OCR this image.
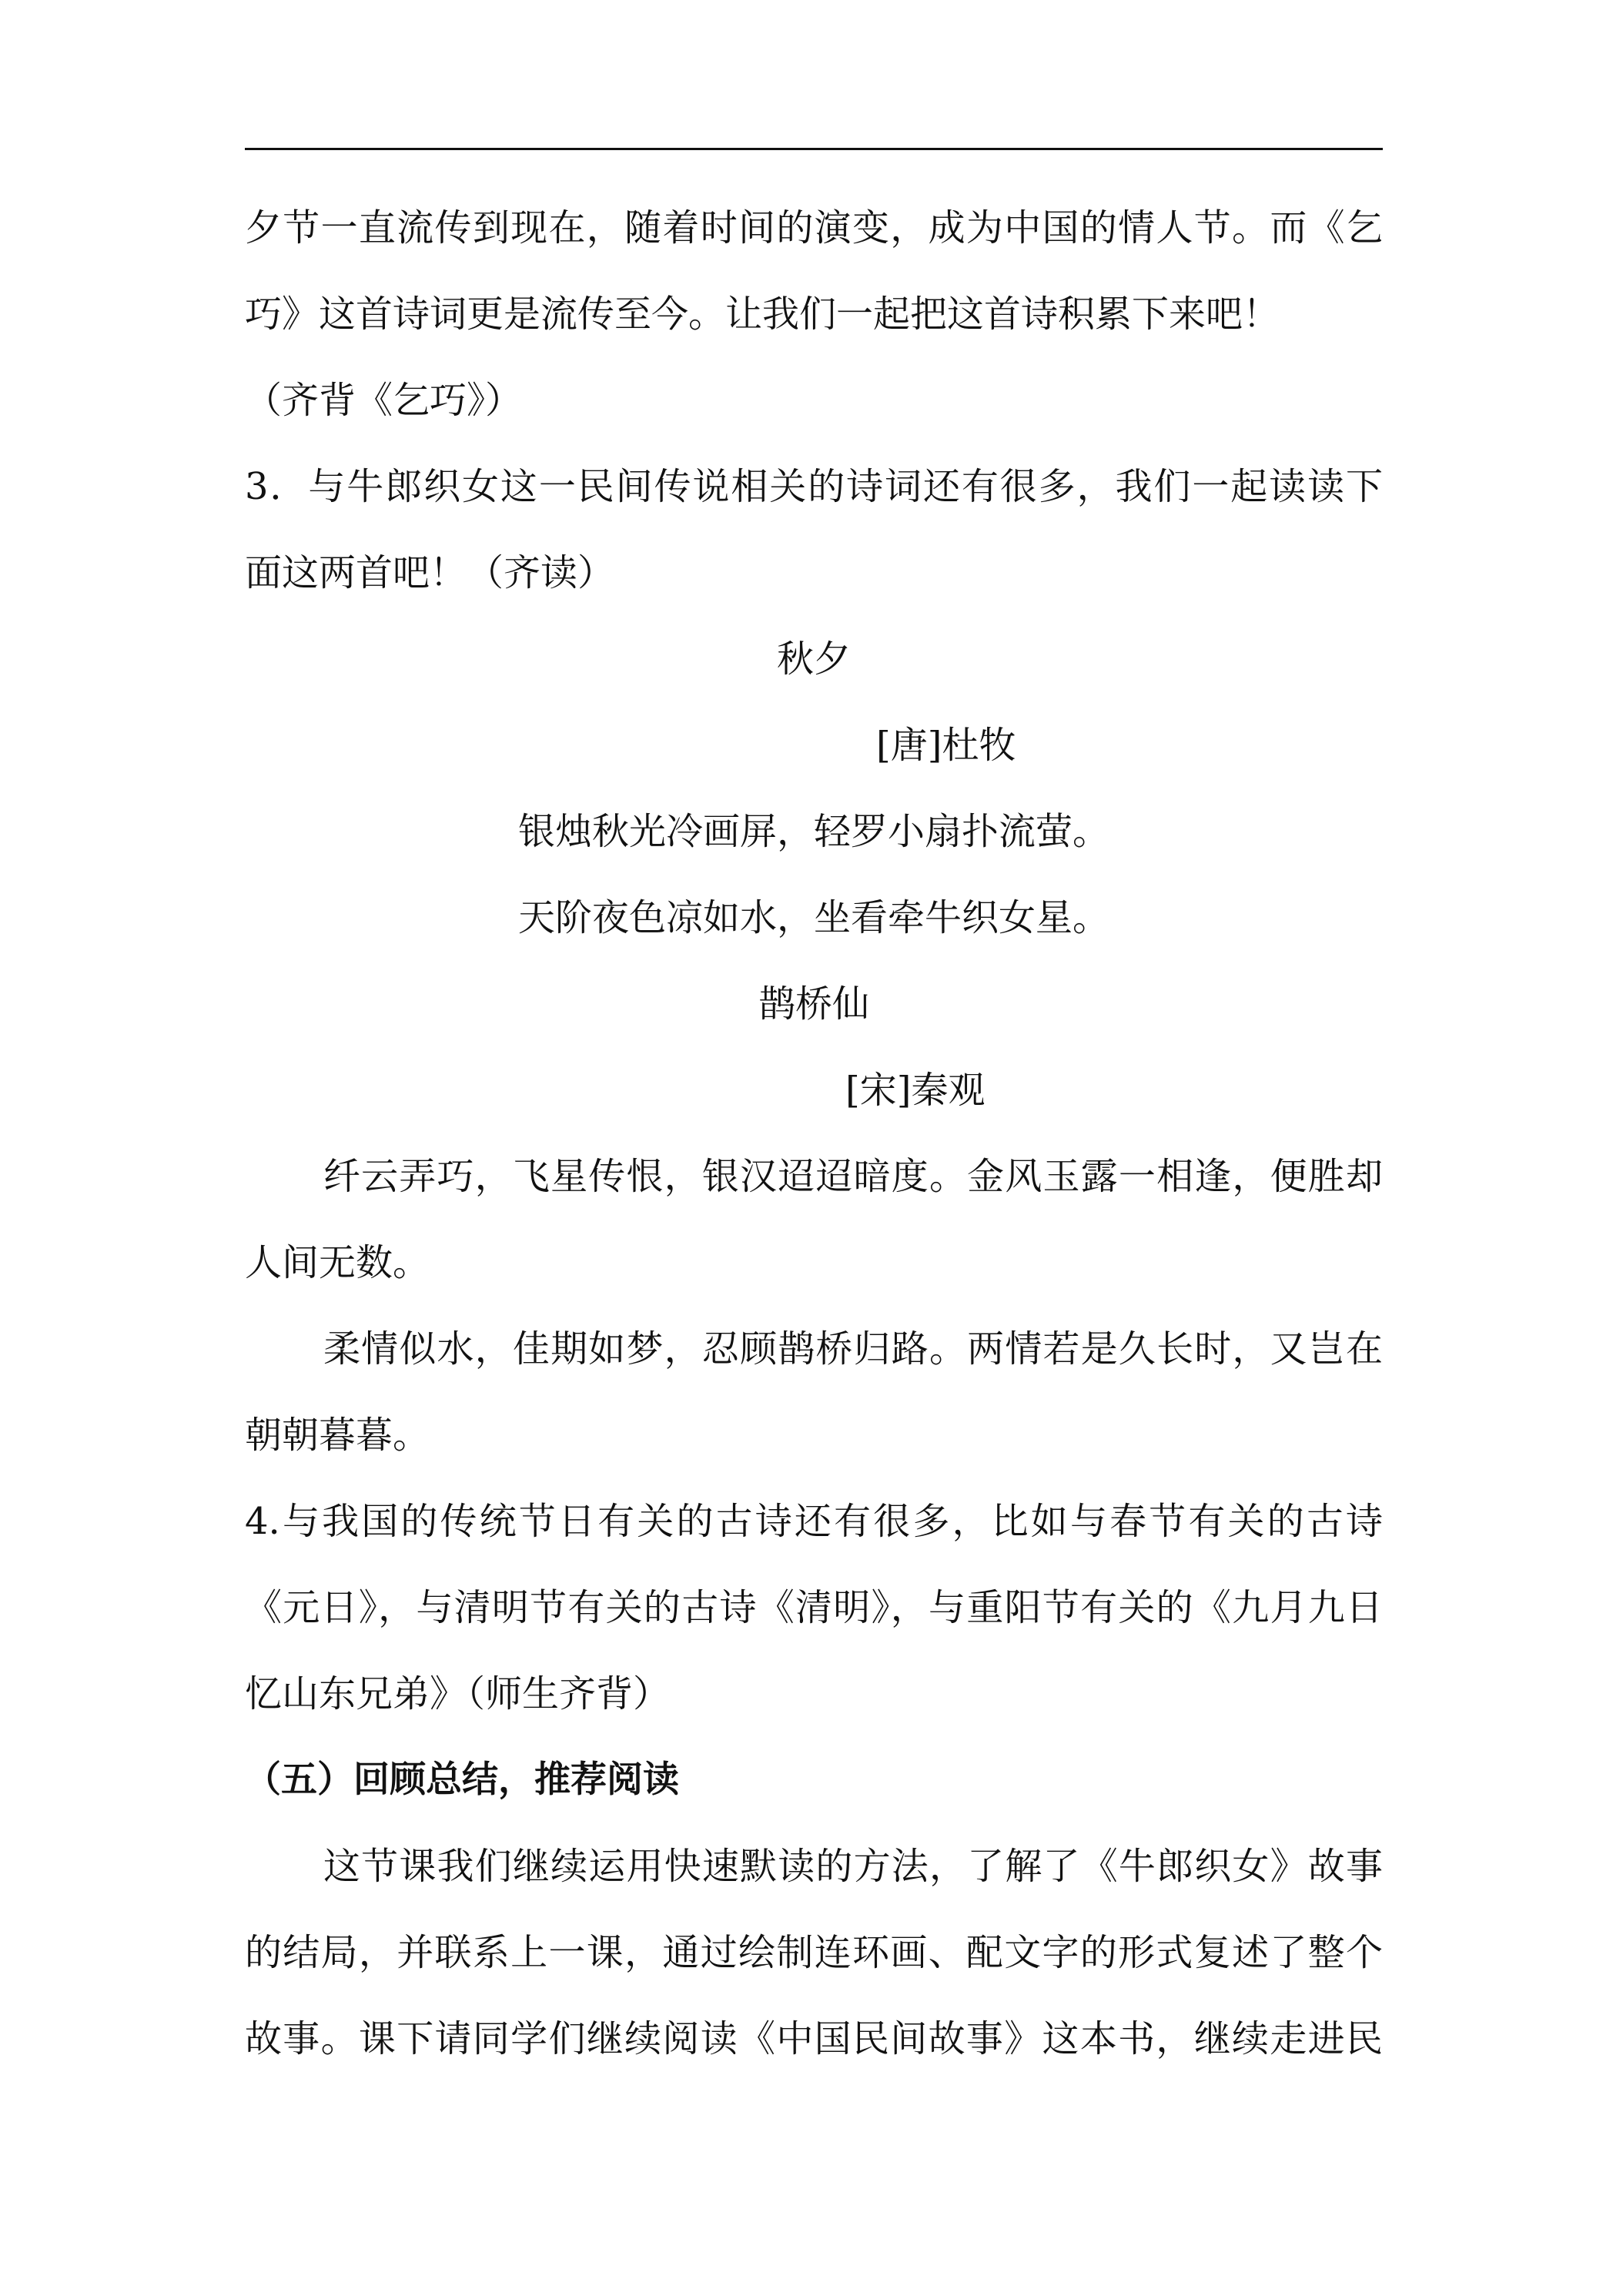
夕节一直流传到现在，随着时间的演变，成为中国的情人节。而《乞
巧》这首诗词更是流传至今。让我们一起把这首诗积累下来吧！
（齐背《乞巧》）
3．与牛郎织女这一民间传说相关的诗词还有很多，我们一起读读下
面这两首吧！（齐读）
秋夕
[唐]杜牧
银烛秋光冷画屏，轻罗小扇扑流萤。
天阶夜色凉如水，坐看牵牛织女星。
鹊桥仙
[宋]秦观
纤云弄巧，飞星传恨，银汉迢迢暗度。金风玉露一相逢，便胜却
人间无数。
柔情似水，佳期如梦，忍顾鹊桥归路。两情若是久长时，又岂在
朝朝暮暮。
4.与我国的传统节日有关的古诗还有很多，比如与春节有关的古诗
《元日》，与清明节有关的古诗《清明》，与重阳节有关的《九月九日
忆山东兄弟》（师生齐背）
（五）回顾总结，推荐阅读
这节课我们继续运用快速默读的方法，了解了《牛郎织女》故事
的结局，并联系上一课，通过绘制连环画、配文字的形式复述了整个
故事。课下请同学们继续阅读《中国民间故事》这本书，继续走进民
